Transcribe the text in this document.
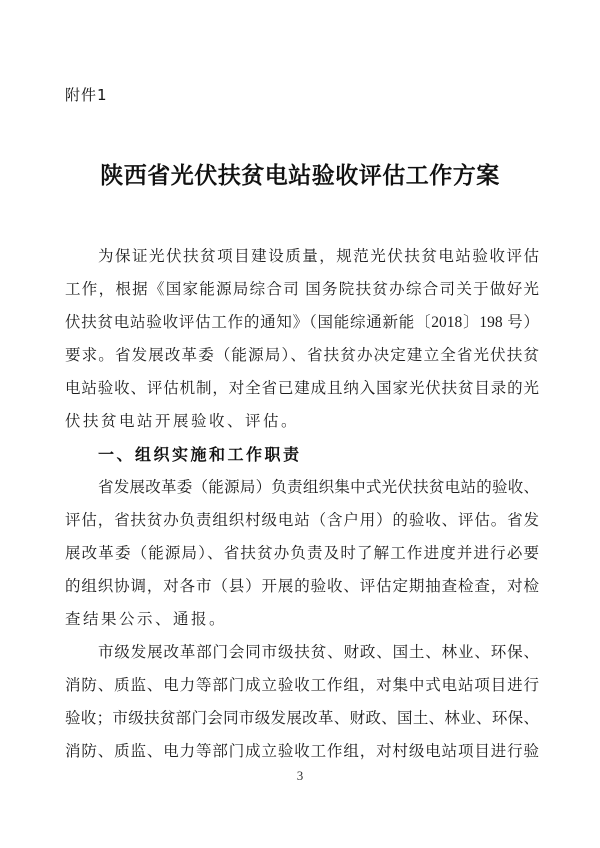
附件1
陕西省光伏扶贫电站验收评估工作方案
为保证光伏扶贫项目建设质量，规范光伏扶贫电站验收评估
工作，根据《国家能源局综合司 国务院扶贫办综合司关于做好光
伏扶贫电站验收评估工作的通知》（国能综通新能〔2018〕198 号）
要求。省发展改革委（能源局）、省扶贫办决定建立全省光伏扶贫
电站验收、评估机制，对全省已建成且纳入国家光伏扶贫目录的光
伏扶贫电站开展验收、评估。
一、组织实施和工作职责
省发展改革委（能源局）负责组织集中式光伏扶贫电站的验收、
评估，省扶贫办负责组织村级电站（含户用）的验收、评估。省发
展改革委（能源局）、省扶贫办负责及时了解工作进度并进行必要
的组织协调，对各市（县）开展的验收、评估定期抽查检查，对检
查结果公示、通报。
市级发展改革部门会同市级扶贫、财政、国土、林业、环保、
消防、质监、电力等部门成立验收工作组，对集中式电站项目进行
验收；市级扶贫部门会同市级发展改革、财政、国土、林业、环保、
消防、质监、电力等部门成立验收工作组，对村级电站项目进行验
3
